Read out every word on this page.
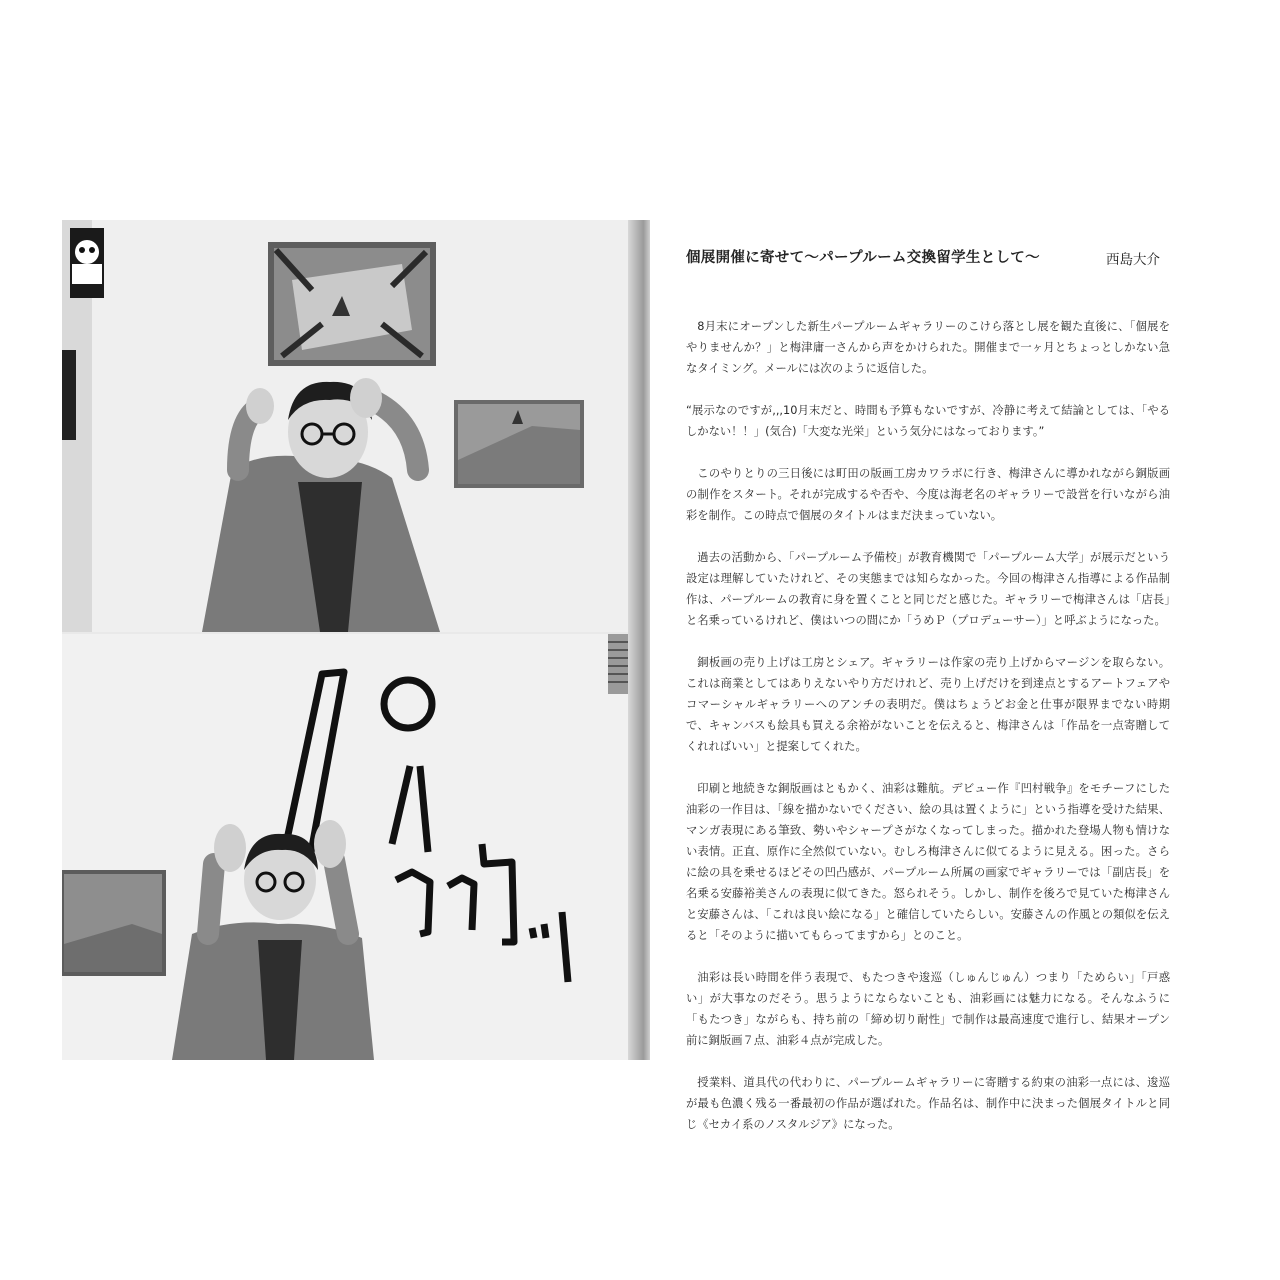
個展開催に寄せて〜パープルーム交換留学生として〜	西島大介

8月末にオープンした新生パープルームギャラリーのこけら落とし展を観た直後に、「個展をやりませんか？」と梅津庸一さんから声をかけられた。開催まで一ヶ月とちょっとしかない急なタイミング。メールには次のように返信した。

“展示なのですが,,,10月末だと、時間も予算もないですが、冷静に考えて結論としては、「やるしかない！！」(気合)「大変な光栄」という気分にはなっております。”

このやりとりの三日後には町田の版画工房カワラボに行き、梅津さんに導かれながら銅版画の制作をスタート。それが完成するや否や、今度は海老名のギャラリーで設営を行いながら油彩を制作。この時点で個展のタイトルはまだ決まっていない。

過去の活動から、「パープルーム予備校」が教育機関で「パープルーム大学」が展示だという設定は理解していたけれど、その実態までは知らなかった。今回の梅津さん指導による作品制作は、パープルームの教育に身を置くことと同じだと感じた。ギャラリーで梅津さんは「店長」と名乗っているけれど、僕はいつの間にか「うめＰ（プロデューサー）」と呼ぶようになった。

銅板画の売り上げは工房とシェア。ギャラリーは作家の売り上げからマージンを取らない。これは商業としてはありえないやり方だけれど、売り上げだけを到達点とするアートフェアやコマーシャルギャラリーへのアンチの表明だ。僕はちょうどお金と仕事が限界までない時期で、キャンバスも絵具も買える余裕がないことを伝えると、梅津さんは「作品を一点寄贈してくれればいい」と提案してくれた。

印刷と地続きな銅版画はともかく、油彩は難航。デビュー作『凹村戦争』をモチーフにした油彩の一作目は、「線を描かないでください、絵の具は置くように」という指導を受けた結果、マンガ表現にある筆致、勢いやシャープさがなくなってしまった。描かれた登場人物も情けない表情。正直、原作に全然似ていない。むしろ梅津さんに似てるように見える。困った。さらに絵の具を乗せるほどその凹凸感が、パープルーム所属の画家でギャラリーでは「副店長」を名乗る安藤裕美さんの表現に似てきた。怒られそう。しかし、制作を後ろで見ていた梅津さんと安藤さんは、「これは良い絵になる」と確信していたらしい。安藤さんの作風との類似を伝えると「そのように描いてもらってますから」とのこと。

油彩は長い時間を伴う表現で、もたつきや逡巡（しゅんじゅん）つまり「ためらい」「戸惑い」が大事なのだそう。思うようにならないことも、油彩画には魅力になる。そんなふうに「もたつき」ながらも、持ち前の「締め切り耐性」で制作は最高速度で進行し、結果オープン前に銅版画７点、油彩４点が完成した。

授業料、道具代の代わりに、パープルームギャラリーに寄贈する約束の油彩一点には、逡巡が最も色濃く残る一番最初の作品が選ばれた。作品名は、制作中に決まった個展タイトルと同じ《セカイ系のノスタルジア》になった。
